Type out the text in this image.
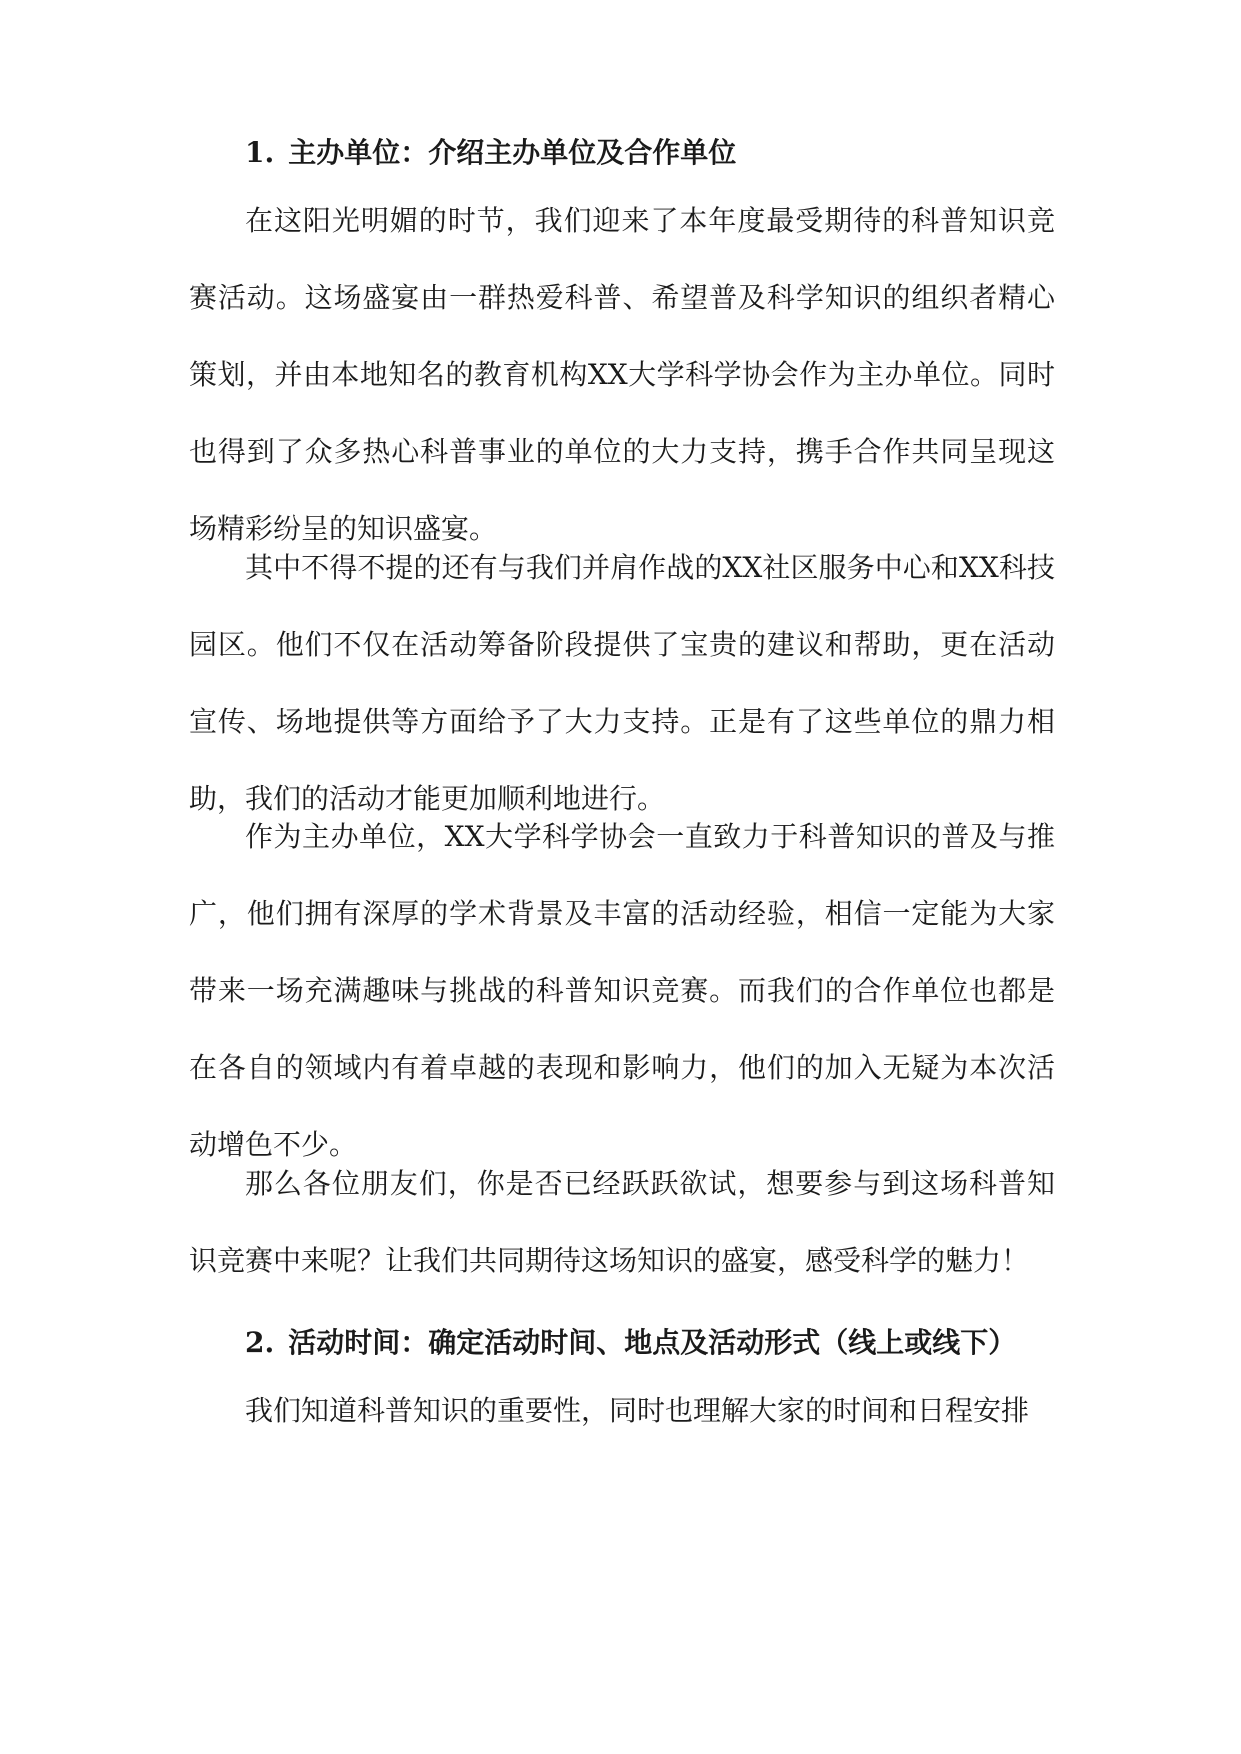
1. 主办单位：介绍主办单位及合作单位

在这阳光明媚的时节，我们迎来了本年度最受期待的科普知识竞赛活动。这场盛宴由一群热爱科普、希望普及科学知识的组织者精心策划，并由本地知名的教育机构XX大学科学协会作为主办单位。同时也得到了众多热心科普事业的单位的大力支持，携手合作共同呈现这场精彩纷呈的知识盛宴。

其中不得不提的还有与我们并肩作战的XX社区服务中心和XX科技园区。他们不仅在活动筹备阶段提供了宝贵的建议和帮助，更在活动宣传、场地提供等方面给予了大力支持。正是有了这些单位的鼎力相助，我们的活动才能更加顺利地进行。

作为主办单位，XX大学科学协会一直致力于科普知识的普及与推广，他们拥有深厚的学术背景及丰富的活动经验，相信一定能为大家带来一场充满趣味与挑战的科普知识竞赛。而我们的合作单位也都是在各自的领域内有着卓越的表现和影响力，他们的加入无疑为本次活动增色不少。

那么各位朋友们，你是否已经跃跃欲试，想要参与到这场科普知识竞赛中来呢？让我们共同期待这场知识的盛宴，感受科学的魅力！

2. 活动时间：确定活动时间、地点及活动形式（线上或线下）

我们知道科普知识的重要性，同时也理解大家的时间和日程安排
